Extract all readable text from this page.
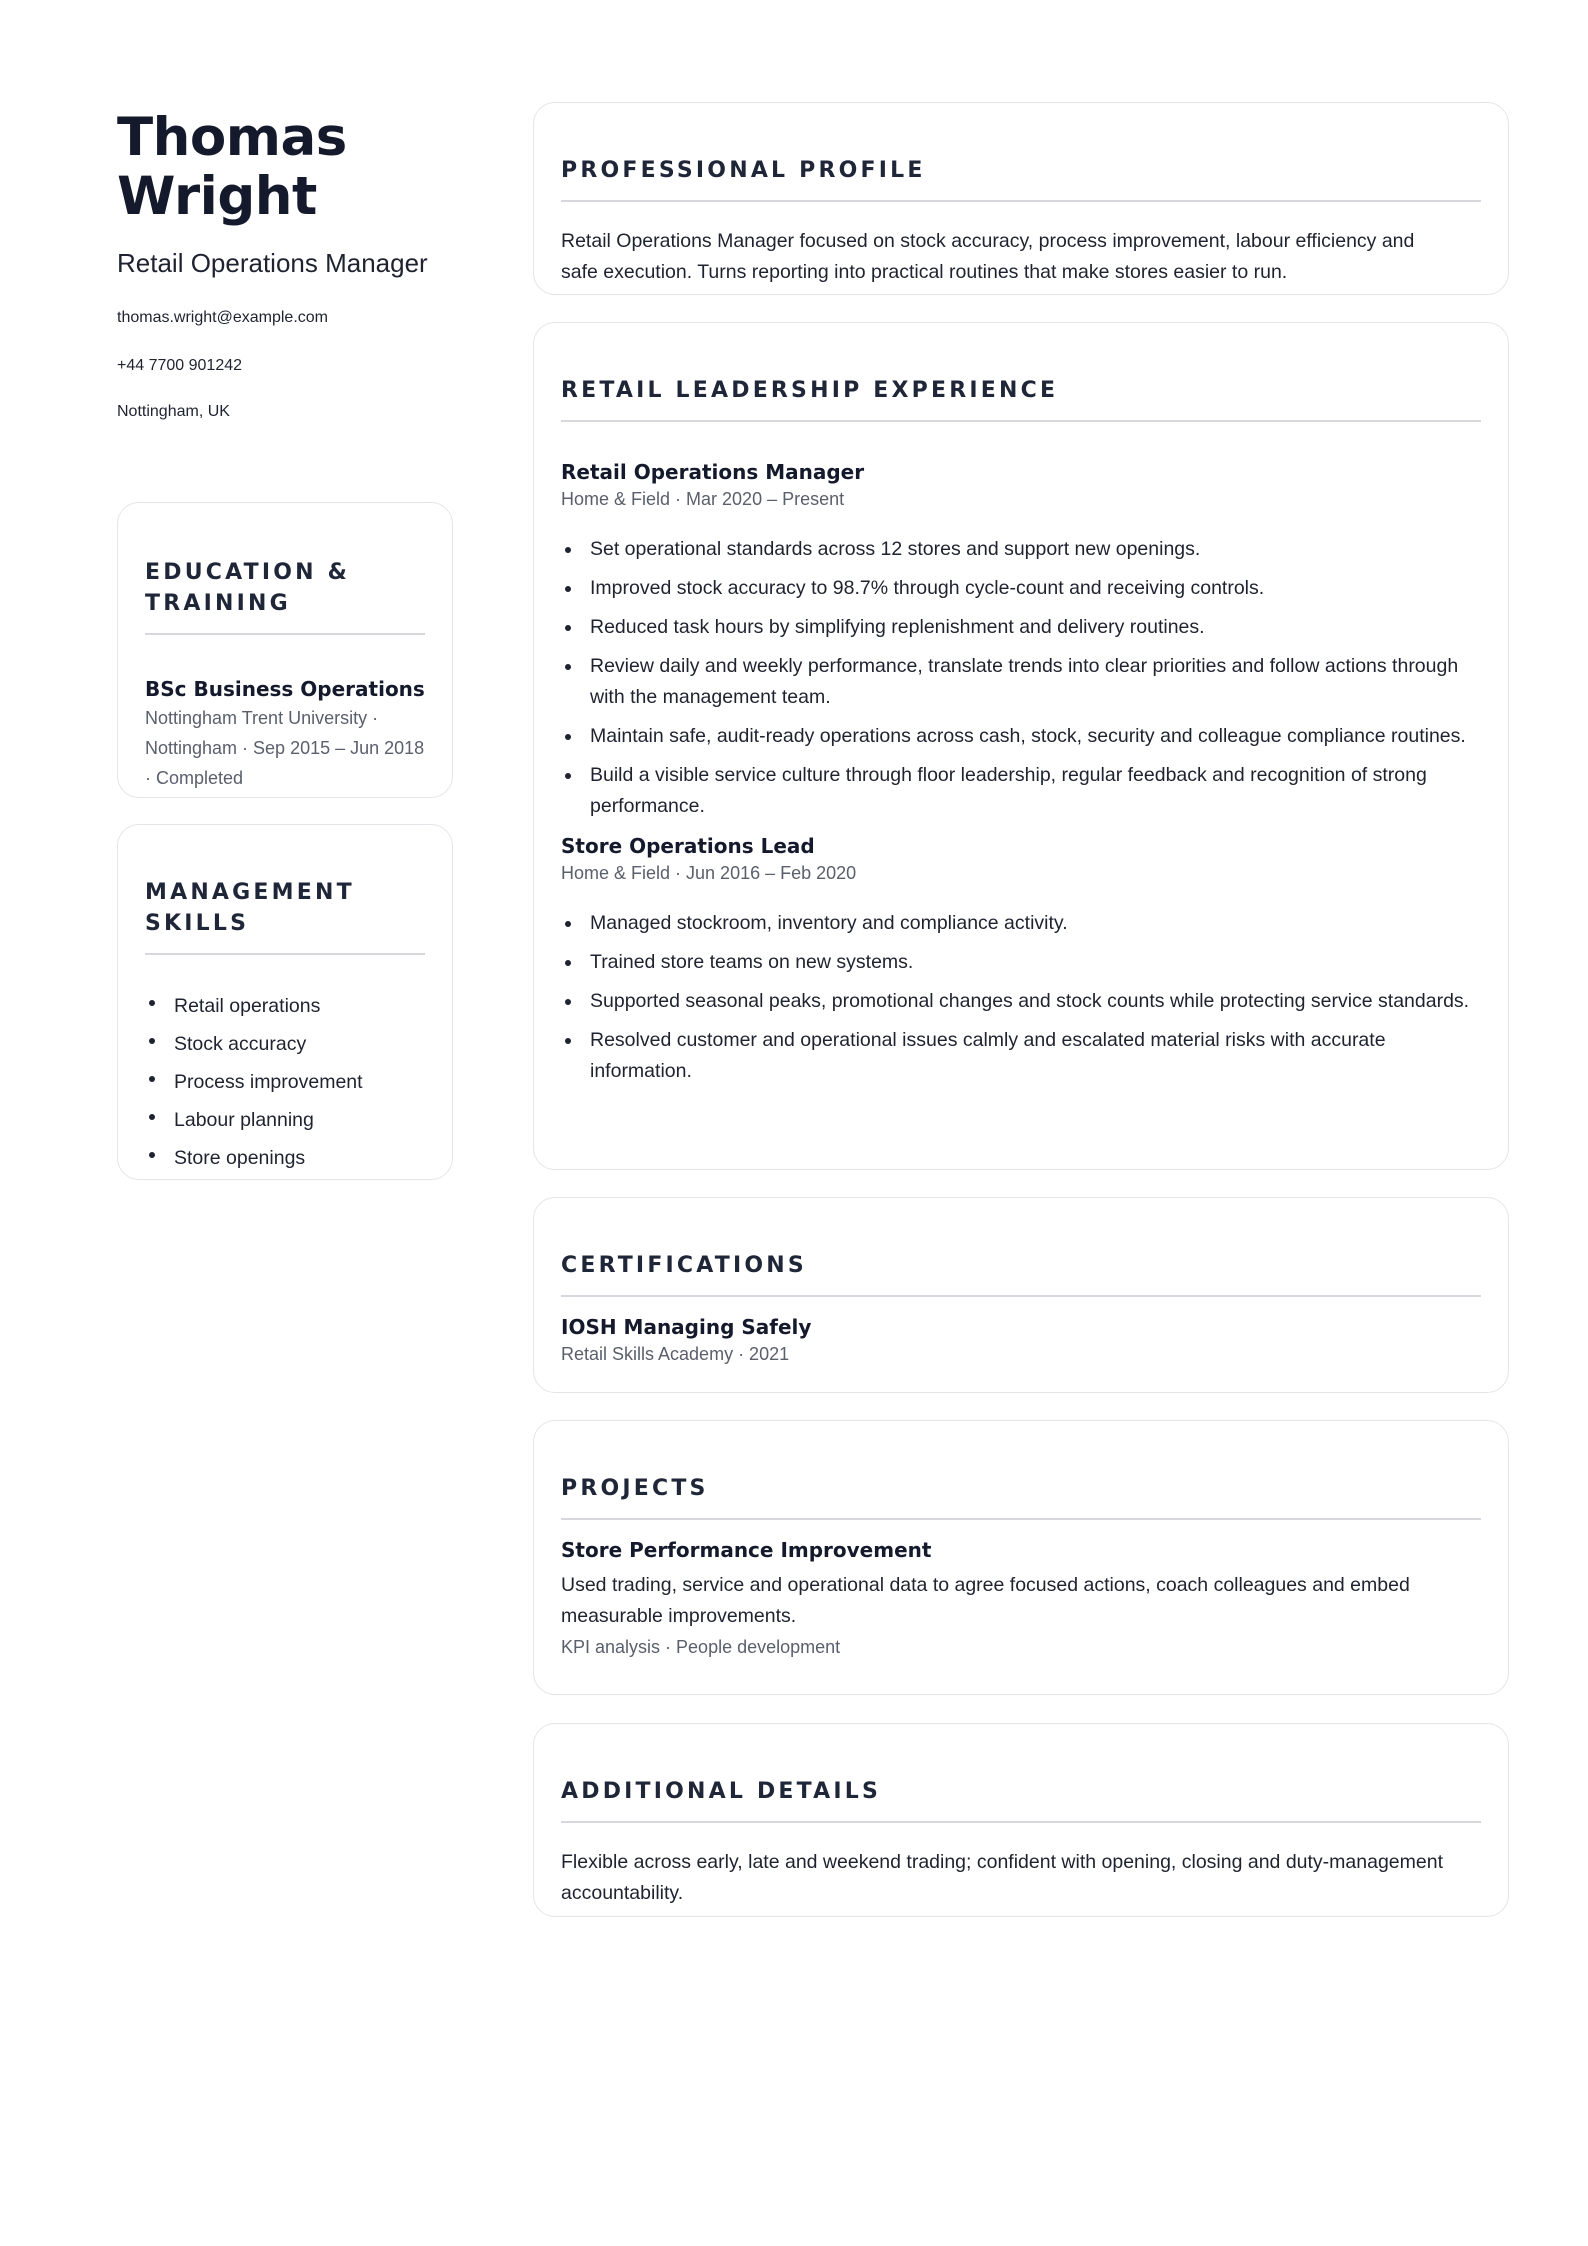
Thomas
Wright
Retail Operations Manager
thomas.wright@example.com
+44 7700 901242
Nottingham, UK
EDUCATION &
TRAINING
BSc Business Operations
Nottingham Trent University ·
Nottingham · Sep 2015 – Jun 2018
· Completed
MANAGEMENT
SKILLS
Retail operations
Stock accuracy
Process improvement
Labour planning
Store openings
PROFESSIONAL PROFILE
Retail Operations Manager focused on stock accuracy, process improvement, labour efficiency and
safe execution. Turns reporting into practical routines that make stores easier to run.
RETAIL LEADERSHIP EXPERIENCE
Retail Operations Manager
Home & Field · Mar 2020 – Present
Set operational standards across 12 stores and support new openings.
Improved stock accuracy to 98.7% through cycle-count and receiving controls.
Reduced task hours by simplifying replenishment and delivery routines.
Review daily and weekly performance, translate trends into clear priorities and follow actions through with the management team.
Maintain safe, audit-ready operations across cash, stock, security and colleague compliance routines.
Build a visible service culture through floor leadership, regular feedback and recognition of strong performance.
Store Operations Lead
Home & Field · Jun 2016 – Feb 2020
Managed stockroom, inventory and compliance activity.
Trained store teams on new systems.
Supported seasonal peaks, promotional changes and stock counts while protecting service standards.
Resolved customer and operational issues calmly and escalated material risks with accurate information.
CERTIFICATIONS
IOSH Managing Safely
Retail Skills Academy · 2021
PROJECTS
Store Performance Improvement
Used trading, service and operational data to agree focused actions, coach colleagues and embed
measurable improvements.
KPI analysis · People development
ADDITIONAL DETAILS
Flexible across early, late and weekend trading; confident with opening, closing and duty-management
accountability.
